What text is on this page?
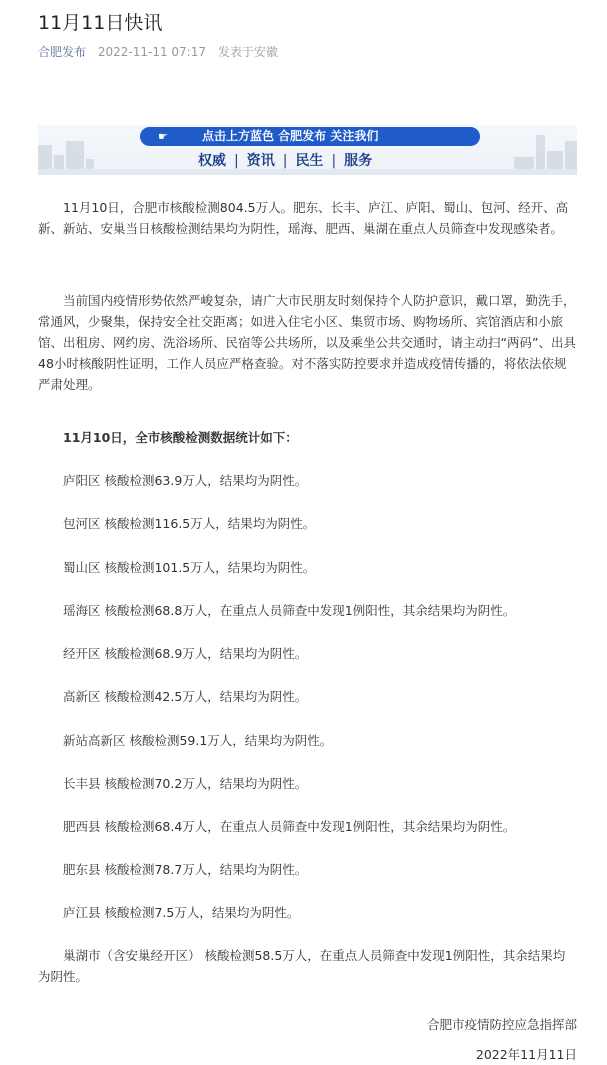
11月11日快讯
合肥发布 2022-11-11 07:17 发表于安徽
☛	点击上方蓝色 合肥发布 关注我们
权威 | 资讯 | 民生 | 服务

11月10日，合肥市核酸检测804.5万人。肥东、长丰、庐江、庐阳、蜀山、包河、经开、高新、新站、安巢当日核酸检测结果均为阴性，瑶海、肥西、巢湖在重点人员筛查中发现感染者。

当前国内疫情形势依然严峻复杂，请广大市民朋友时刻保持个人防护意识，戴口罩，勤洗手，常通风，少聚集，保持安全社交距离；如进入住宅小区、集贸市场、购物场所、宾馆酒店和小旅馆、出租房、网约房、洗浴场所、民宿等公共场所，以及乘坐公共交通时，请主动扫“两码”、出具48小时核酸阴性证明，工作人员应严格查验。对不落实防控要求并造成疫情传播的，将依法依规严肃处理。

11月10日，全市核酸检测数据统计如下：

庐阳区 核酸检测63.9万人，结果均为阴性。

包河区 核酸检测116.5万人，结果均为阴性。

蜀山区 核酸检测101.5万人，结果均为阴性。

瑶海区 核酸检测68.8万人，在重点人员筛查中发现1例阳性，其余结果均为阴性。

经开区 核酸检测68.9万人，结果均为阴性。

高新区 核酸检测42.5万人，结果均为阴性。

新站高新区 核酸检测59.1万人，结果均为阴性。

长丰县 核酸检测70.2万人，结果均为阴性。

肥西县 核酸检测68.4万人，在重点人员筛查中发现1例阳性，其余结果均为阴性。

肥东县 核酸检测78.7万人，结果均为阴性。

庐江县 核酸检测7.5万人，结果均为阴性。

巢湖市（含安巢经开区） 核酸检测58.5万人，在重点人员筛查中发现1例阳性，其余结果均为阴性。

合肥市疫情防控应急指挥部
2022年11月11日
